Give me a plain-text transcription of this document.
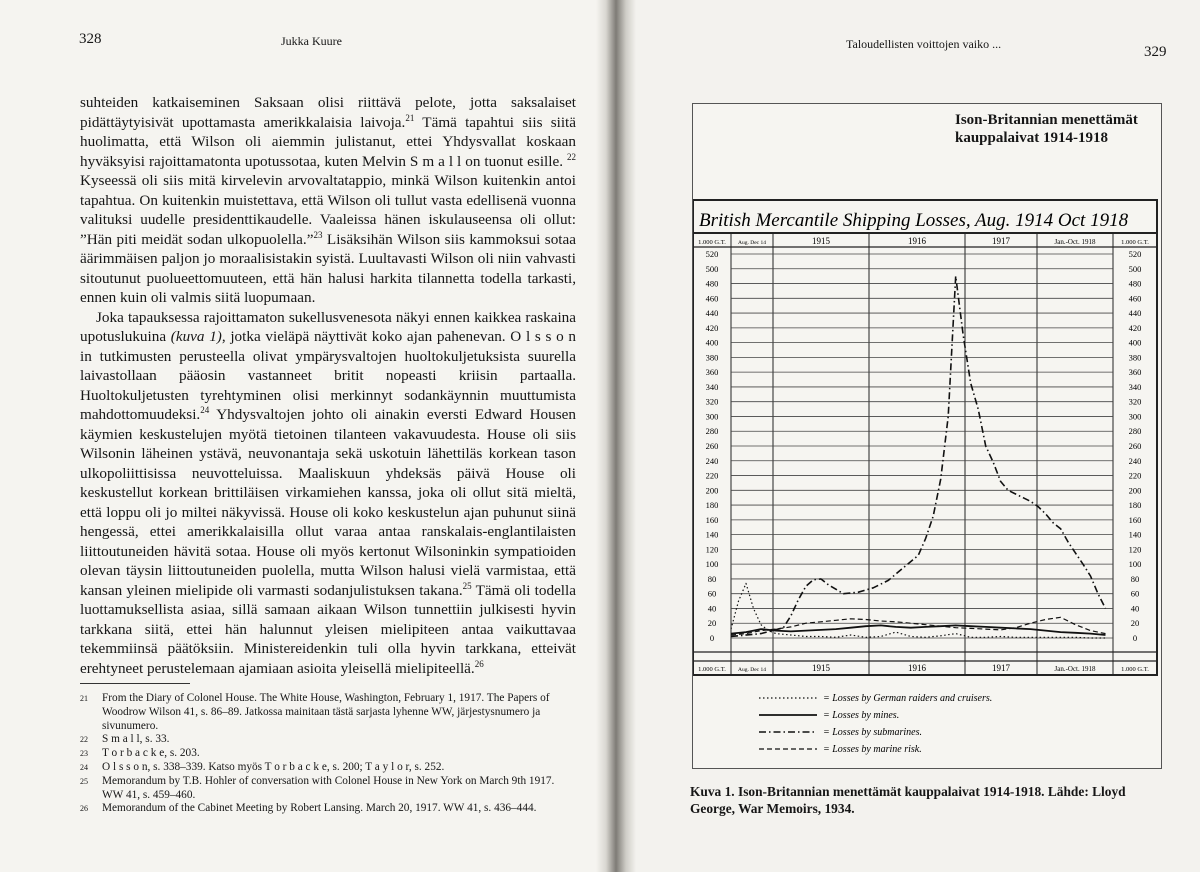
328	Jukka Kuure

suhteiden katkaiseminen Saksaan olisi riittävä pelote, jotta saksalaiset pidättäytyisivät upottamasta amerikkalaisia laivoja.$^{21}$ Tämä tapahtui siis siitä huolimatta, että Wilson oli aiemmin julistanut, ettei Yhdysvallat koskaan hyväksyisi rajoittamatonta upotussotaa, kuten Melvin S m a l l on tuonut esille. $^{22}$ Kyseessä oli siis mitä kirvelevin arvovaltatappio, minkä Wilson kuitenkin antoi tapahtua. On kuitenkin muistettava, että Wilson oli tullut vasta edellisenä vuonna valituksi uudelle presidenttikaudelle. Vaaleissa hänen iskulauseensa oli ollut: ”Hän piti meidät sodan ulkopuolella.”$^{23}$ Lisäksihän Wilson siis kammoksui sotaa äärimmäisen paljon jo moraalisistakin syistä. Luultavasti Wilson oli niin vahvasti sitoutunut puolueettomuuteen, että hän halusi harkita tilannetta todella tarkasti, ennen kuin oli valmis siitä luopumaan.

Joka tapauksessa rajoittamaton sukellusvenesota näkyi ennen kaikkea raskaina upotuslukuina (kuva 1), jotka vieläpä näyttivät koko ajan pahenevan. O l s s o n in tutkimusten perusteella olivat ympärysvaltojen huoltokuljetuksista suurella laivastollaan pääosin vastanneet britit nopeasti kriisin partaalla. Huoltokuljetusten tyrehtyminen olisi merkinnyt sodankäynnin muuttumista mahdottomuudeksi.$^{24}$ Yhdysvaltojen johto oli ainakin eversti Edward Housen käymien keskustelujen myötä tietoinen tilanteen vakavuudesta. House oli siis Wilsonin läheinen ystävä, neuvonantaja sekä uskotuin lähettiläs korkean tason ulkopoliittisissa neuvotteluissa. Maaliskuun yhdeksäs päivä House oli keskustellut korkean brittiläisen virkamiehen kanssa, joka oli ollut sitä mieltä, että loppu oli jo miltei näkyvissä. House oli koko keskustelun ajan puhunut siinä hengessä, ettei amerikkalaisilla ollut varaa antaa ranskalais-englantilaisten liittoutuneiden hävitä sotaa. House oli myös kertonut Wilsoninkin sympatioiden olevan täysin liittoutuneiden puolella, mutta Wilson halusi vielä varmistaa, että kansan yleinen mielipide oli varmasti sodanjulistuksen takana.$^{25}$ Tämä oli todella luottamuksellista asiaa, sillä samaan aikaan Wilson tunnettiin julkisesti hyvin tarkkana siitä, ettei hän halunnut yleisen mielipiteen antaa vaikuttavaa tekemmiinsä päätöksiin. Ministereidenkin tuli olla hyvin tarkkana, etteivät erehtyneet perustelemaan ajamiaan asioita yleisellä mielipiteellä.$^{26}$

21 From the Diary of Colonel House. The White House, Washington, February 1, 1917. The Papers of Woodrow Wilson 41, s. 86–89. Jatkossa mainitaan tästä sarjasta lyhenne WW, järjestysnumero ja sivunumero.
22 S m a l l, s. 33.
23 T o r b a c k e, s. 203.
24 O l s s o n, s. 338–339. Katso myös T o r b a c k e, s. 200; T a y l o r, s. 252.
25 Memorandum by T.B. Hohler of conversation with Colonel House in New York on March 9th 1917. WW 41, s. 459–460.
26 Memorandum of the Cabinet Meeting by Robert Lansing. March 20, 1917. WW 41, s. 436–444.
Taloudellisten voittojen vaiko ...	329
Ison-Britannian menettämät kauppalaivat 1914-1918
British Mercantile Shipping Losses, Aug. 1914 Oct 1918
0	0
20	20
40	40
60	60
80	80
100	100
120	120
140	140
160	160
180	180
200	200
220	220
240	240
260	260
280	280
300	300
320	320
340	340
360	360
380	380
400	400
420	420
440	440
460	460
480	480
500	500
520	520
1.000 G.T.	1.000 G.T.
1.000 G.T.	1.000 G.T.
Aug. Dec 14	1915	1916	1917	Jan.-Oct. 1918
Aug. Dec 14	1915	1916	1917	Jan.-Oct. 1918
= Losses by German raiders and cruisers.
= Losses by mines.
= Losses by submarines.
= Losses by marine risk.
Kuva 1. Ison-Britannian menettämät kauppalaivat 1914-1918. Lähde: Lloyd George, War Memoirs, 1934.
